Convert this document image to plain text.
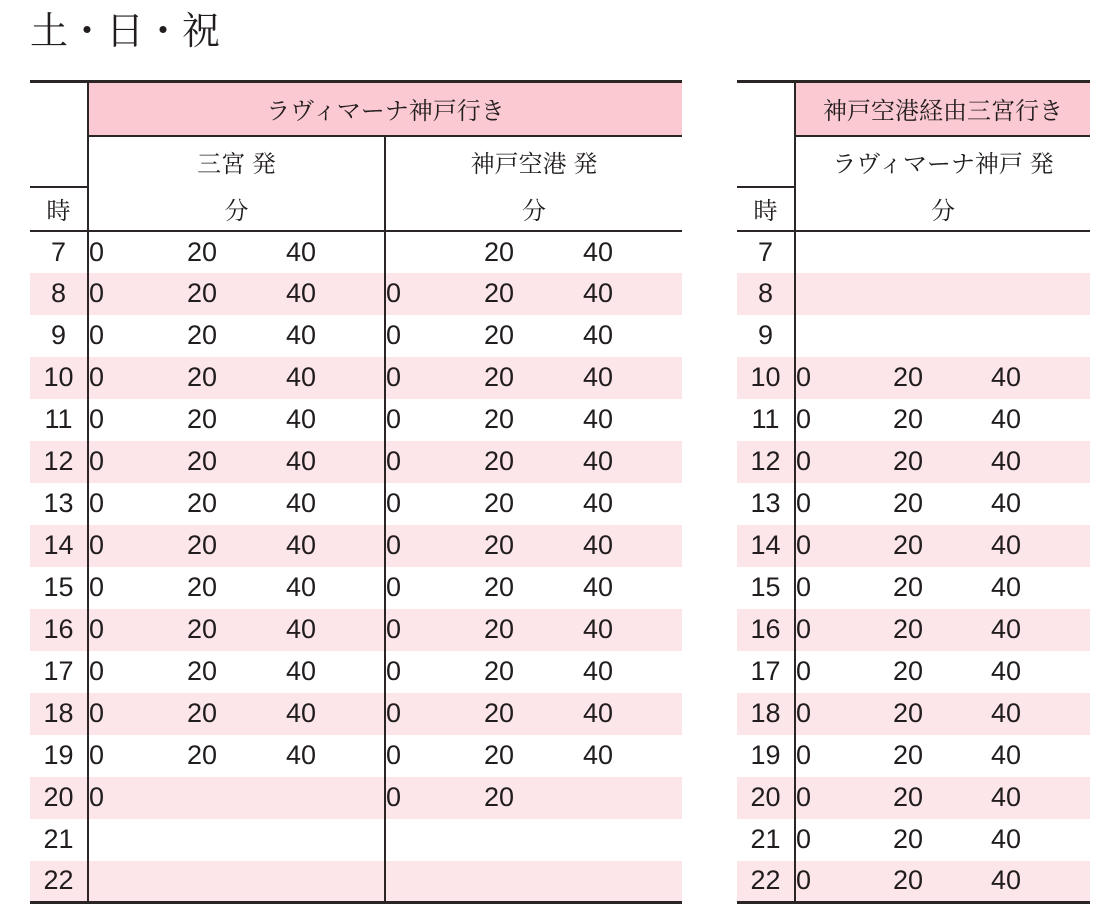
土・日・祝
	ラヴィマーナ神戸行き					
	三宮 発			神戸空港 発		
時	分			分		
7	0	20	40		20	40
8	0	20	40	0	20	40
9	0	20	40	0	20	40
10	0	20	40	0	20	40
11	0	20	40	0	20	40
12	0	20	40	0	20	40
13	0	20	40	0	20	40
14	0	20	40	0	20	40
15	0	20	40	0	20	40
16	0	20	40	0	20	40
17	0	20	40	0	20	40
18	0	20	40	0	20	40
19	0	20	40	0	20	40
20	0			0	20	
21						
22						
	神戸空港経由三宮行き		
	ラヴィマーナ神戸 発		
時	分		
7			
8			
9			
10	0	20	40
11	0	20	40
12	0	20	40
13	0	20	40
14	0	20	40
15	0	20	40
16	0	20	40
17	0	20	40
18	0	20	40
19	0	20	40
20	0	20	40
21	0	20	40
22	0	20	40
